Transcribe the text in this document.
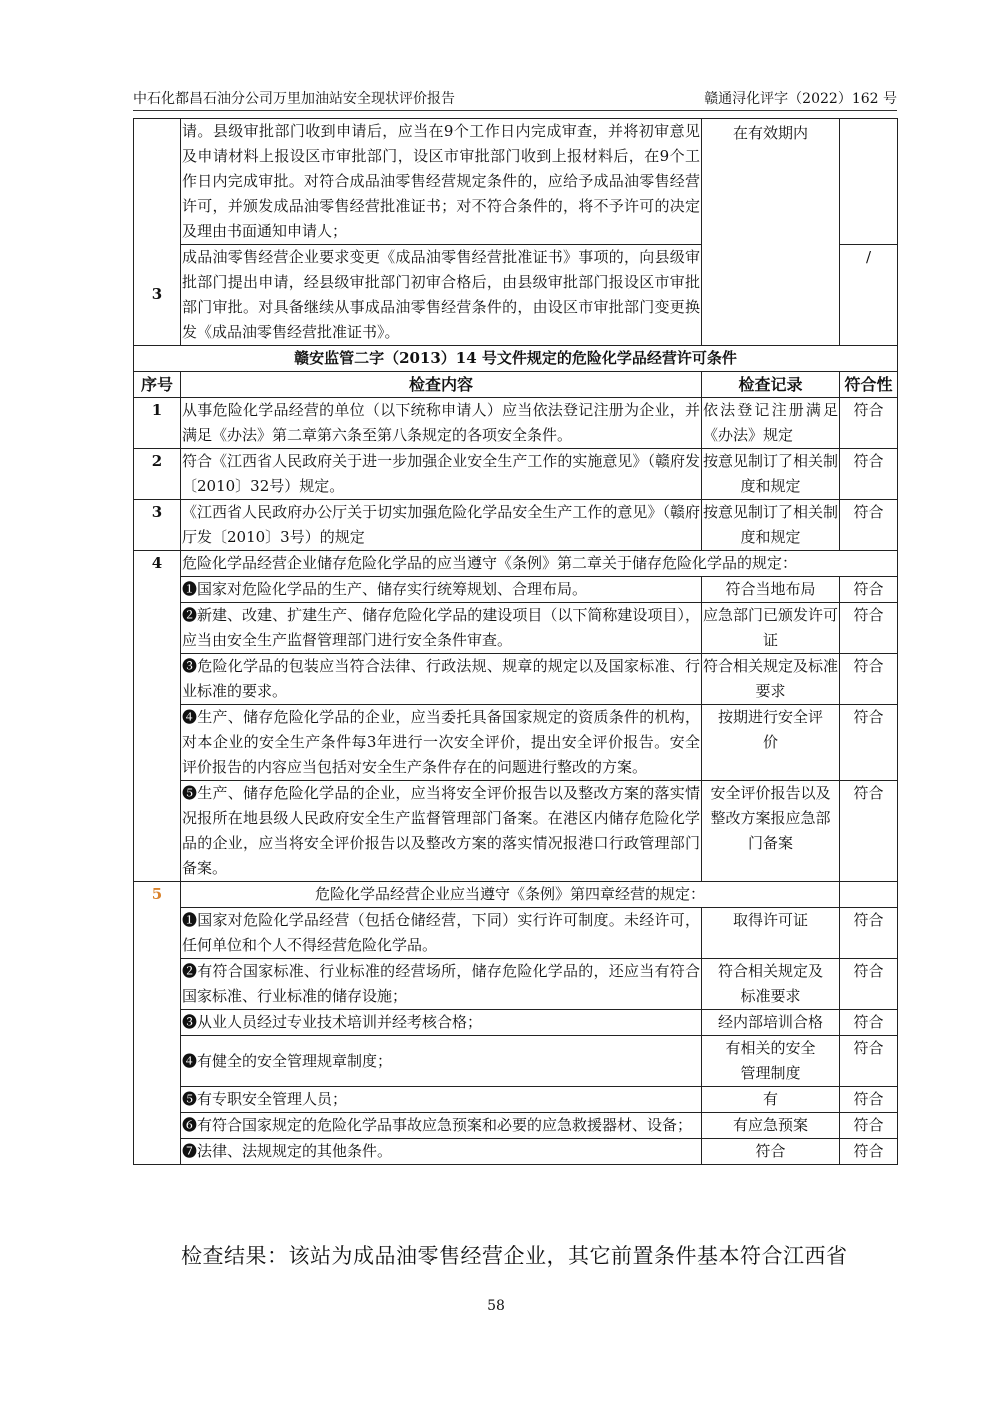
中石化都昌石油分公司万里加油站安全现状评价报告	赣通浔化评字（2022）162 号
3	请。县级审批部门收到申请后，应当在9个工作日内完成审查，并将初审意见及申请材料上报设区市审批部门，设区市审批部门收到上报材料后，在9个工作日内完成审批。对符合成品油零售经营规定条件的，应给予成品油零售经营许可，并颁发成品油零售经营批准证书；对不符合条件的，将不予许可的决定及理由书面通知申请人；	在有效期内	
	成品油零售经营企业要求变更《成品油零售经营批准证书》事项的，向县级审批部门提出申请，经县级审批部门初审合格后，由县级审批部门报设区市审批部门审批。对具备继续从事成品油零售经营条件的，由设区市审批部门变更换发《成品油零售经营批准证书》。		/
赣安监管二字（2013）14 号文件规定的危险化学品经营许可条件			
序号	检查内容	检查记录	符合性
1	从事危险化学品经营的单位（以下统称申请人）应当依法登记注册为企业，并满足《办法》第二章第六条至第八条规定的各项安全条件。	依法登记注册满足《办法》规定	符合
2	符合《江西省人民政府关于进一步加强企业安全生产工作的实施意见》（赣府发〔2010〕32号）规定。	按意见制订了相关制度和规定	符合
3	《江西省人民政府办公厅关于切实加强危险化学品安全生产工作的意见》（赣府厅发〔2010〕3号）的规定	按意见制订了相关制度和规定	符合
4	危险化学品经营企业储存危险化学品的应当遵守《条例》第二章关于储存危险化学品的规定：		
	❶国家对危险化学品的生产、储存实行统筹规划、合理布局。	符合当地布局	符合
	❷新建、改建、扩建生产、储存危险化学品的建设项目（以下简称建设项目），应当由安全生产监督管理部门进行安全条件审查。	应急部门已颁发许可证	符合
	❸危险化学品的包装应当符合法律、行政法规、规章的规定以及国家标准、行业标准的要求。	符合相关规定及标准要求	符合
	❹生产、储存危险化学品的企业，应当委托具备国家规定的资质条件的机构，对本企业的安全生产条件每3年进行一次安全评价，提出安全评价报告。安全评价报告的内容应当包括对安全生产条件存在的问题进行整改的方案。	按期进行安全评价	符合
	❺生产、储存危险化学品的企业，应当将安全评价报告以及整改方案的落实情况报所在地县级人民政府安全生产监督管理部门备案。在港区内储存危险化学品的企业，应当将安全评价报告以及整改方案的落实情况报港口行政管理部门备案。	安全评价报告以及整改方案报应急部门备案	符合
5	危险化学品经营企业应当遵守《条例》第四章经营的规定：		
	❶国家对危险化学品经营（包括仓储经营，下同）实行许可制度。未经许可，任何单位和个人不得经营危险化学品。	取得许可证	符合
	❷有符合国家标准、行业标准的经营场所，储存危险化学品的，还应当有符合国家标准、行业标准的储存设施；	符合相关规定及标准要求	符合
	❸从业人员经过专业技术培训并经考核合格；	经内部培训合格	符合
	❹有健全的安全管理规章制度；	有相关的安全管理制度	符合
	❺有专职安全管理人员；	有	符合
	❻有符合国家规定的危险化学品事故应急预案和必要的应急救援器材、设备；	有应急预案	符合
	❼法律、法规规定的其他条件。	符合	符合
检查结果：该站为成品油零售经营企业，其它前置条件基本符合江西省
58
